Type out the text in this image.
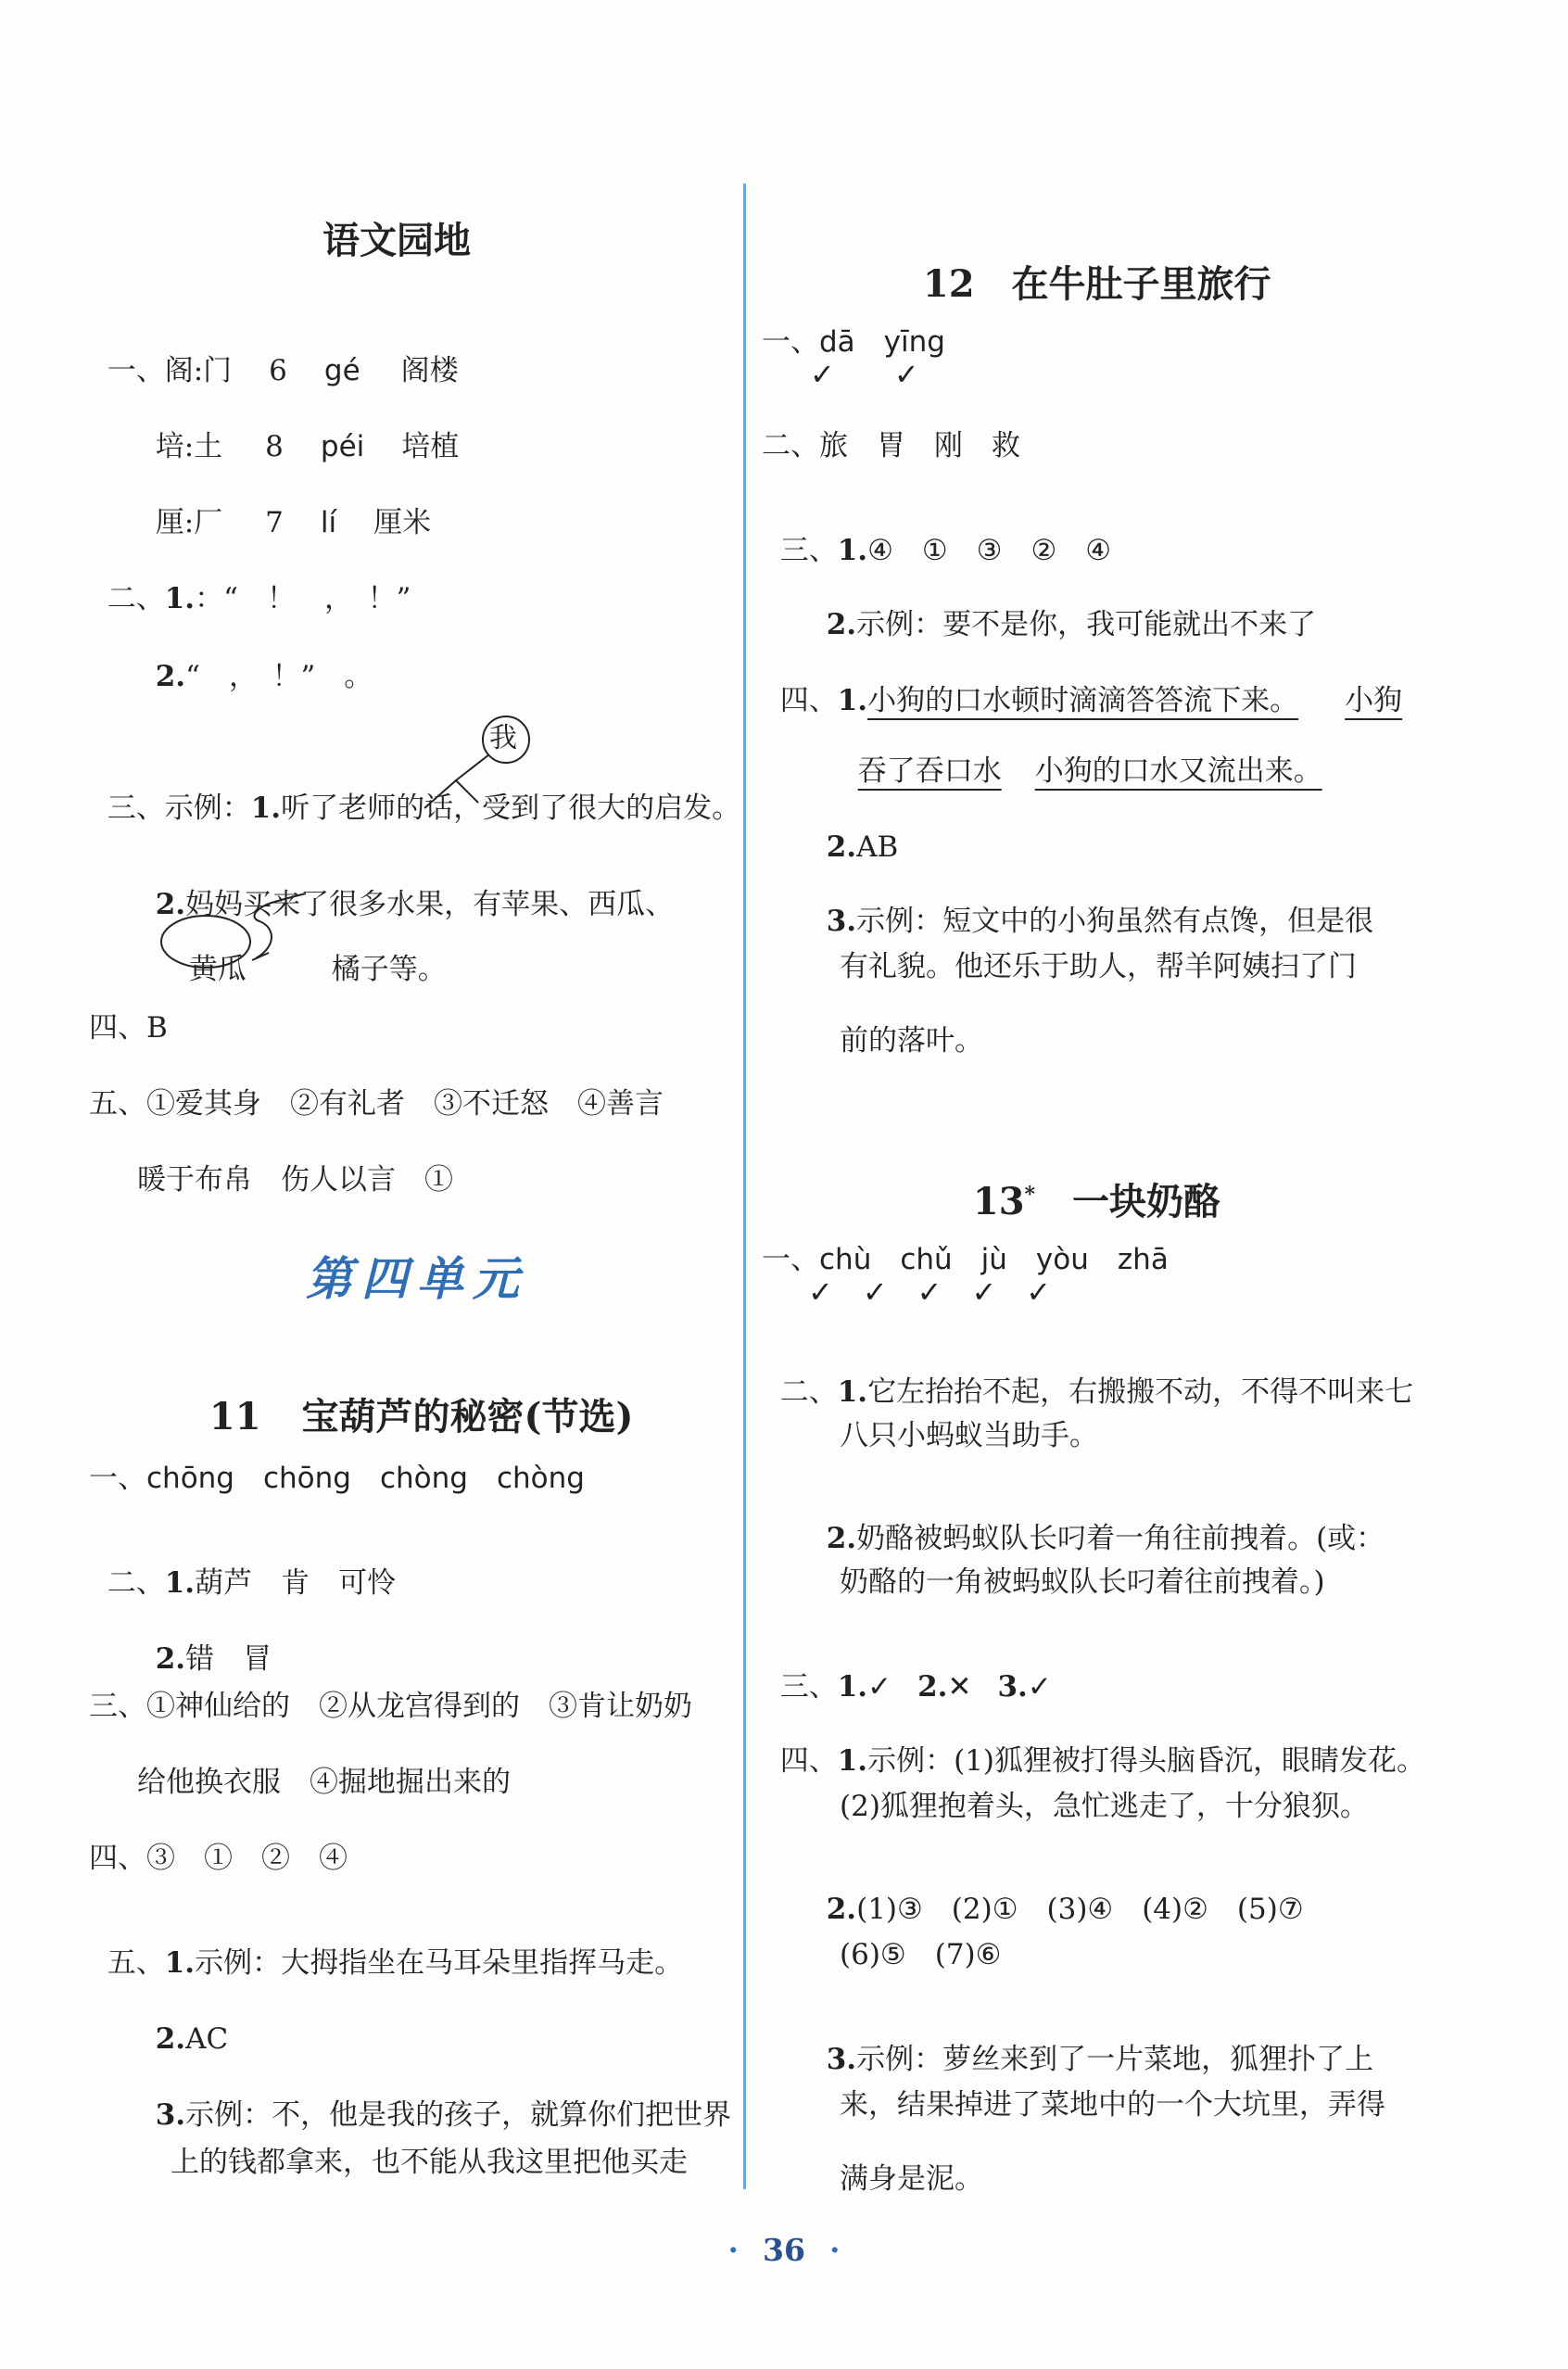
语文园地

一、阁:门 6 gé 阁楼

培:土 8 péi 培植

厘:厂 7 lí 厘米

二、1.：“　！　，　！”

2.“　，　！”　。

三、示例：1.听了老师的话，受到了很大的启发。

我

2.妈妈买来了很多水果，有苹果、西瓜、

黄瓜	橘子等。

四、B
五、①爱其身　②有礼者　③不迁怒　④善言
暖于布帛　伤人以言　①
第四单元

11 宝葫芦的秘密(节选)

一、chōng　chōng　chòng　chòng

二、1.葫芦　肯　可怜

2.错　冒

三、①神仙给的　②从龙宫得到的　③肯让奶奶
给他换衣服　④掘地掘出来的
四、③　①　②　④

五、1.示例：大拇指坐在马耳朵里指挥马走。

2.AC

3.示例：不，他是我的孩子，就算你们把世界

上的钱都拿来，也不能从我这里把他买走

12 在牛肚子里旅行

一、dā　yīng
✓　　✓
二、旅　胃　刚　救

三、1.④　①　③　②　④

2.示例：要不是你，我可能就出不来了

四、1.小狗的口水顿时滴滴答答流下来。 小狗

吞了吞口水 小狗的口水又流出来。

2.AB

3.示例：短文中的小狗虽然有点馋，但是很

有礼貌。他还乐于助人，帮羊阿姨扫了门
前的落叶。

13* 一块奶酪

一、chù　chǔ　jù　yòu　zhā
✓　✓　✓　✓　✓

二、1.它左抬抬不起，右搬搬不动，不得不叫来七

八只小蚂蚁当助手。

2.奶酪被蚂蚁队长叼着一角往前拽着。(或：

奶酪的一角被蚂蚁队长叼着往前拽着。)

三、1.✓ 2.✕ 3.✓

四、1.示例：(1)狐狸被打得头脑昏沉，眼睛发花。

(2)狐狸抱着头，急忙逃走了，十分狼狈。

2.(1)③　(2)①　(3)④　(4)②　(5)⑦

(6)⑤　(7)⑥

3.示例：萝丝来到了一片菜地，狐狸扑了上

来，结果掉进了菜地中的一个大坑里，弄得
满身是泥。
· 36 ·
